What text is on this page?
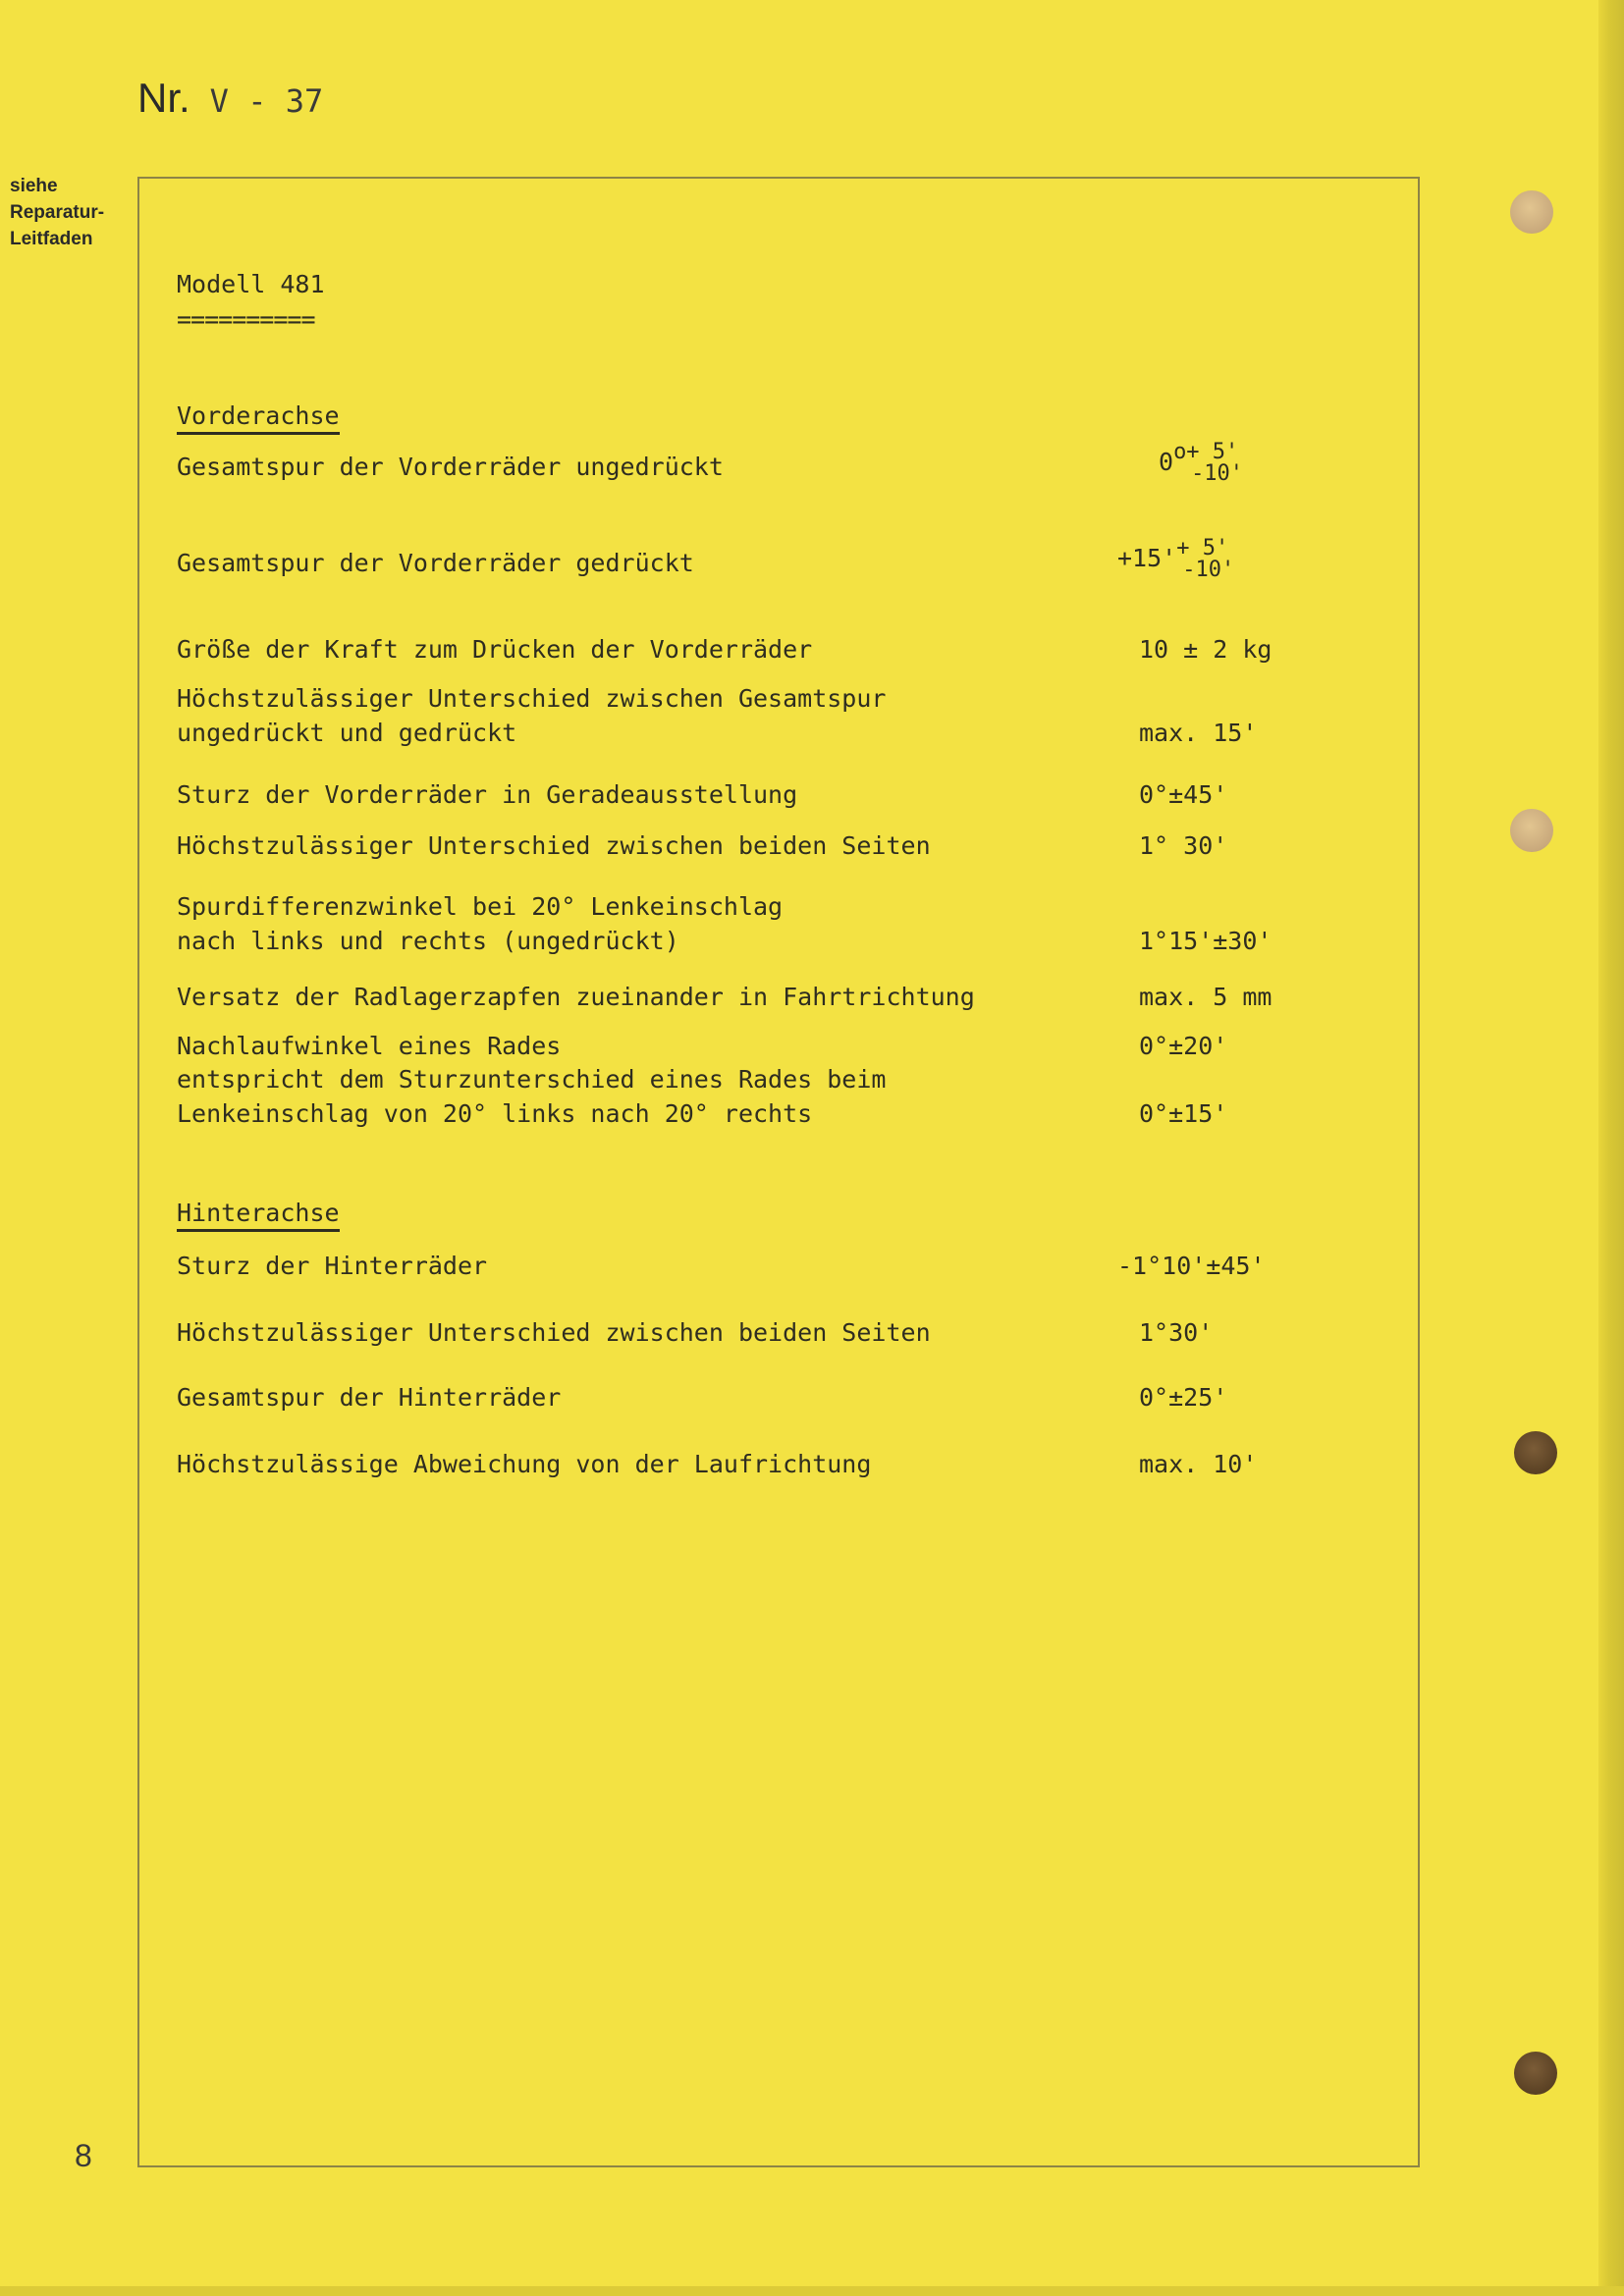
Nr. V - 37
siehe
Reparatur-
Leitfaden
8
Modell 481
==========
Vorderachse
Gesamtspur der Vorderräder ungedrückt	0 o+ 5'
-10'
Gesamtspur der Vorderräder gedrückt	+15' + 5'
-10'
Größe der Kraft zum Drücken der Vorderräder	10 ± 2 kg
Höchstzulässiger Unterschied zwischen Gesamtspur
ungedrückt und gedrückt	max. 15'
Sturz der Vorderräder in Geradeausstellung	0°±45'
Höchstzulässiger Unterschied zwischen beiden Seiten	1° 30'
Spurdifferenzwinkel bei 20° Lenkeinschlag
nach links und rechts (ungedrückt)	1°15'±30'
Versatz der Radlagerzapfen zueinander in Fahrtrichtung	max. 5 mm
Nachlaufwinkel eines Rades	0°±20'
entspricht dem Sturzunterschied eines Rades beim
Lenkeinschlag von 20° links nach 20° rechts	0°±15'
Hinterachse
Sturz der Hinterräder	-1°10'±45'
Höchstzulässiger Unterschied zwischen beiden Seiten	1°30'
Gesamtspur der Hinterräder	0°±25'
Höchstzulässige Abweichung von der Laufrichtung	max. 10'
